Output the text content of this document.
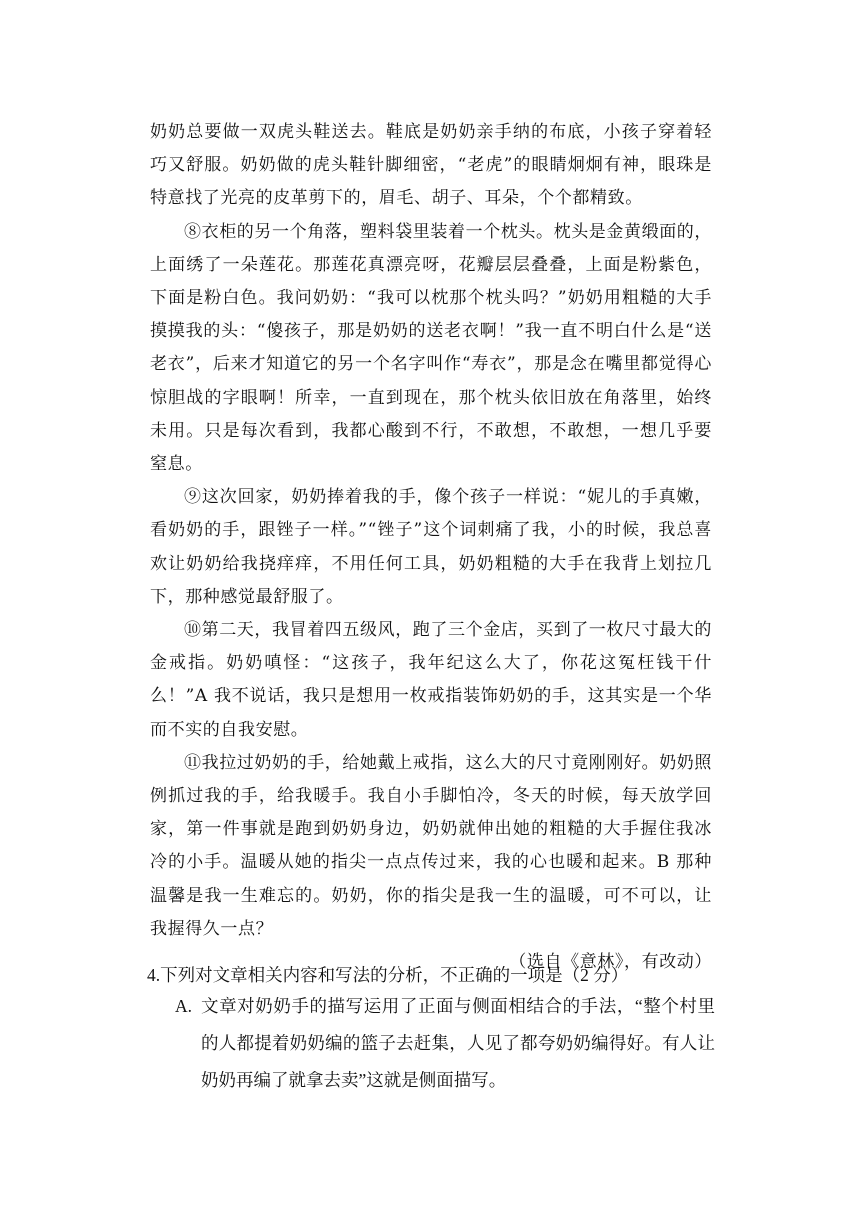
奶奶总要做一双虎头鞋送去。鞋底是奶奶亲手纳的布底，小孩子穿着轻巧又舒服。奶奶做的虎头鞋针脚细密，“老虎”的眼睛炯炯有神，眼珠是特意找了光亮的皮革剪下的，眉毛、胡子、耳朵，个个都精致。

⑧衣柜的另一个角落，塑料袋里装着一个枕头。枕头是金黄缎面的，上面绣了一朵莲花。那莲花真漂亮呀，花瓣层层叠叠，上面是粉紫色，下面是粉白色。我问奶奶：“我可以枕那个枕头吗？”奶奶用粗糙的大手摸摸我的头：“傻孩子，那是奶奶的送老衣啊！”我一直不明白什么是“送老衣”，后来才知道它的另一个名字叫作“寿衣”，那是念在嘴里都觉得心惊胆战的字眼啊！所幸，一直到现在，那个枕头依旧放在角落里，始终未用。只是每次看到，我都心酸到不行，不敢想，不敢想，一想几乎要窒息。

⑨这次回家，奶奶捧着我的手，像个孩子一样说：“妮儿的手真嫩，看奶奶的手，跟锉子一样。”“锉子”这个词刺痛了我，小的时候，我总喜欢让奶奶给我挠痒痒，不用任何工具，奶奶粗糙的大手在我背上划拉几下，那种感觉最舒服了。

⑩第二天，我冒着四五级风，跑了三个金店，买到了一枚尺寸最大的金戒指。奶奶嗔怪：“这孩子，我年纪这么大了，你花这冤枉钱干什么！”A 我不说话，我只是想用一枚戒指装饰奶奶的手，这其实是一个华而不实的自我安慰。

⑪我拉过奶奶的手，给她戴上戒指，这么大的尺寸竟刚刚好。奶奶照例抓过我的手，给我暖手。我自小手脚怕冷，冬天的时候，每天放学回家，第一件事就是跑到奶奶身边，奶奶就伸出她的粗糙的大手握住我冰冷的小手。温暖从她的指尖一点点传过来，我的心也暖和起来。B 那种温馨是我一生难忘的。奶奶，你的指尖是我一生的温暖，可不可以，让我握得久一点？

（选自《意林》，有改动）

4.下列对文章相关内容和写法的分析，不正确的一项是（2 分）
A. 文章对奶奶手的描写运用了正面与侧面相结合的手法，“整个村里的人都提着奶奶编的篮子去赶集，人见了都夸奶奶编得好。有人让奶奶再编了就拿去卖”这就是侧面描写。
